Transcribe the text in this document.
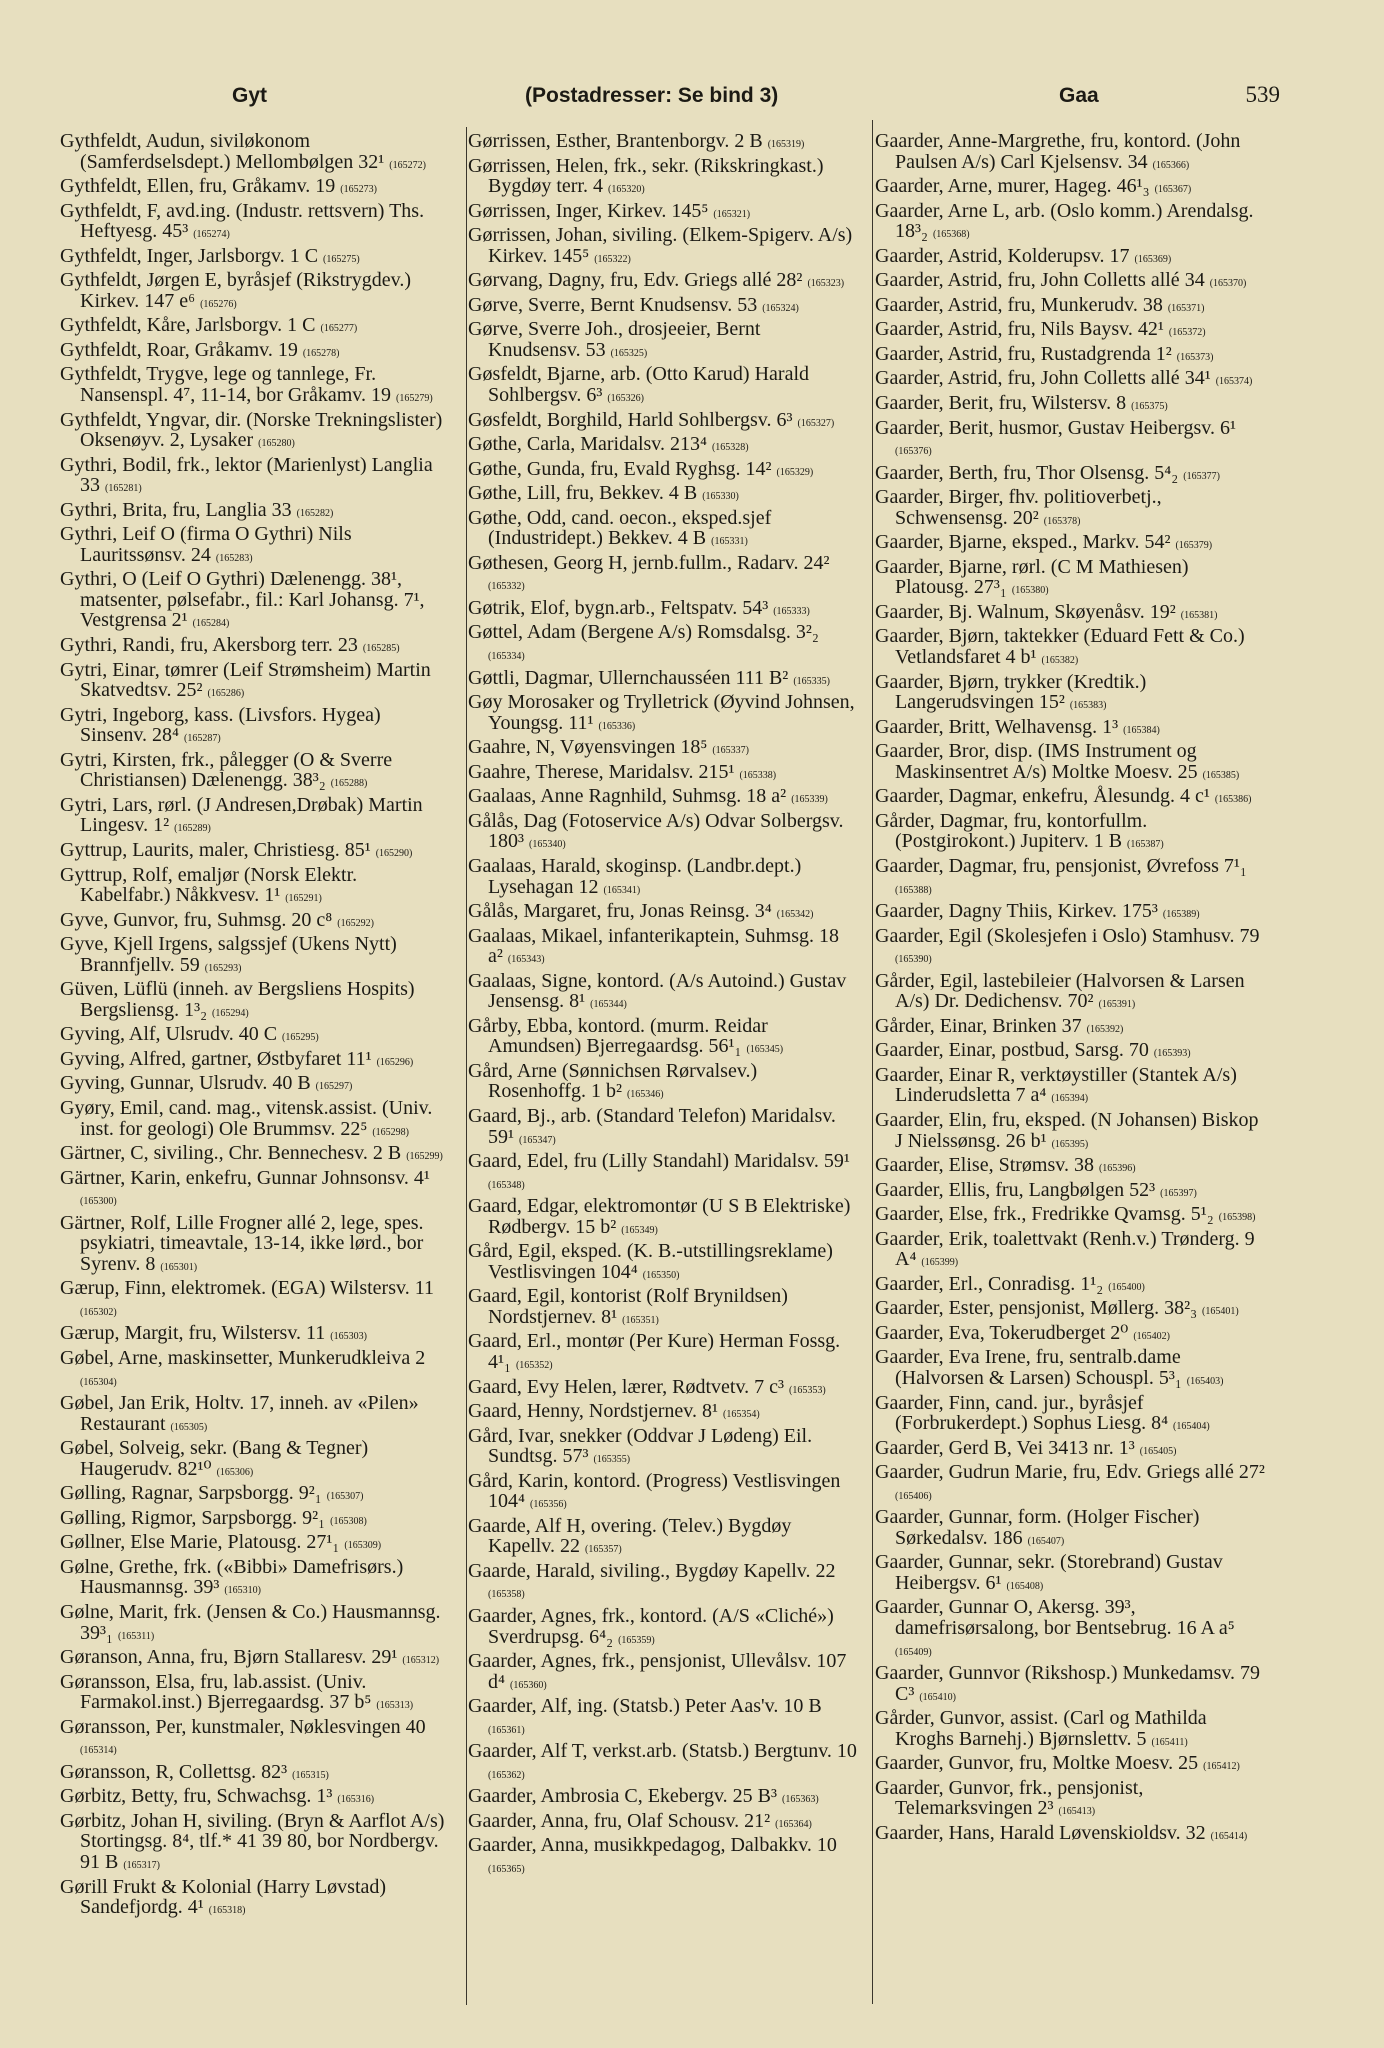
Gyt	(Postadresser: Se bind 3)	Gaa	539
Gythfeldt, Audun, siviløkonom (Samferdselsdept.) Mellombølgen 32¹ (165272)
Gythfeldt, Ellen, fru, Gråkamv. 19 (165273)
Gythfeldt, F, avd.ing. (Industr. rettsvern) Ths. Heftyesg. 45³ (165274)
Gythfeldt, Inger, Jarlsborgv. 1 C (165275)
Gythfeldt, Jørgen E, byråsjef (Rikstrygdev.) Kirkev. 147 e⁶ (165276)
Gythfeldt, Kåre, Jarlsborgv. 1 C (165277)
Gythfeldt, Roar, Gråkamv. 19 (165278)
Gythfeldt, Trygve, lege og tannlege, Fr. Nansenspl. 4⁷, 11-14, bor Gråkamv. 19 (165279)
Gythfeldt, Yngvar, dir. (Norske Trekningslister) Oksenøyv. 2, Lysaker (165280)
Gythri, Bodil, frk., lektor (Marienlyst) Langlia 33 (165281)
Gythri, Brita, fru, Langlia 33 (165282)
Gythri, Leif O (firma O Gythri) Nils Lauritssønsv. 24 (165283)
Gythri, O (Leif O Gythri) Dælenengg. 38¹, matsenter, pølsefabr., fil.: Karl Johansg. 7¹, Vestgrensa 2¹ (165284)
Gythri, Randi, fru, Akersborg terr. 23 (165285)
Gytri, Einar, tømrer (Leif Strømsheim) Martin Skatvedtsv. 25² (165286)
Gytri, Ingeborg, kass. (Livsfors. Hygea) Sinsenv. 28⁴ (165287)
Gytri, Kirsten, frk., pålegger (O & Sverre Christiansen) Dælenengg. 38³₂ (165288)
Gytri, Lars, rørl. (J Andresen,Drøbak) Martin Lingesv. 1² (165289)
Gyttrup, Laurits, maler, Christiesg. 85¹ (165290)
Gyttrup, Rolf, emaljør (Norsk Elektr. Kabelfabr.) Nåkkvesv. 1¹ (165291)
Gyve, Gunvor, fru, Suhmsg. 20 c⁸ (165292)
Gyve, Kjell Irgens, salgssjef (Ukens Nytt) Brannfjellv. 59 (165293)
Güven, Lüflü (inneh. av Bergsliens Hospits) Bergsliensg. 1³₂ (165294)
Gyving, Alf, Ulsrudv. 40 C (165295)
Gyving, Alfred, gartner, Østbyfaret 11¹ (165296)
Gyving, Gunnar, Ulsrudv. 40 B (165297)
Gyøry, Emil, cand. mag., vitensk.assist. (Univ. inst. for geologi) Ole Brummsv. 22⁵ (165298)
Gärtner, C, siviling., Chr. Bennechesv. 2 B (165299)
Gärtner, Karin, enkefru, Gunnar Johnsonsv. 4¹ (165300)
Gärtner, Rolf, Lille Frogner allé 2, lege, spes. psykiatri, timeavtale, 13-14, ikke lørd., bor Syrenv. 8 (165301)
Gærup, Finn, elektromek. (EGA) Wilstersv. 11 (165302)
Gærup, Margit, fru, Wilstersv. 11 (165303)
Gøbel, Arne, maskinsetter, Munkerudkleiva 2 (165304)
Gøbel, Jan Erik, Holtv. 17, inneh. av «Pilen» Restaurant (165305)
Gøbel, Solveig, sekr. (Bang & Tegner) Haugerudv. 82¹⁰ (165306)
Gølling, Ragnar, Sarpsborgg. 9²₁ (165307)
Gølling, Rigmor, Sarpsborgg. 9²₁ (165308)
Gøllner, Else Marie, Platousg. 27¹₁ (165309)
Gølne, Grethe, frk. («Bibbi» Damefrisørs.) Hausmannsg. 39³ (165310)
Gølne, Marit, frk. (Jensen & Co.) Hausmannsg. 39³₁ (165311)
Gøranson, Anna, fru, Bjørn Stallaresv. 29¹ (165312)
Gøransson, Elsa, fru, lab.assist. (Univ. Farmakol.inst.) Bjerregaardsg. 37 b⁵ (165313)
Gøransson, Per, kunstmaler, Nøklesvingen 40 (165314)
Gøransson, R, Collettsg. 82³ (165315)
Gørbitz, Betty, fru, Schwachsg. 1³ (165316)
Gørbitz, Johan H, siviling. (Bryn & Aarflot A/s) Stortingsg. 8⁴, tlf.* 41 39 80, bor Nordbergv. 91 B (165317)
Gørill Frukt & Kolonial (Harry Løvstad) Sandefjordg. 4¹ (165318)
Gørrissen, Esther, Brantenborgv. 2 B (165319)
Gørrissen, Helen, frk., sekr. (Rikskringkast.) Bygdøy terr. 4 (165320)
Gørrissen, Inger, Kirkev. 145⁵ (165321)
Gørrissen, Johan, siviling. (Elkem-Spigerv. A/s) Kirkev. 145⁵ (165322)
Gørvang, Dagny, fru, Edv. Griegs allé 28² (165323)
Gørve, Sverre, Bernt Knudsensv. 53 (165324)
Gørve, Sverre Joh., drosjeeier, Bernt Knudsensv. 53 (165325)
Gøsfeldt, Bjarne, arb. (Otto Karud) Harald Sohlbergsv. 6³ (165326)
Gøsfeldt, Borghild, Harld Sohlbergsv. 6³ (165327)
Gøthe, Carla, Maridalsv. 213⁴ (165328)
Gøthe, Gunda, fru, Evald Ryghsg. 14² (165329)
Gøthe, Lill, fru, Bekkev. 4 B (165330)
Gøthe, Odd, cand. oecon., eksped.sjef (Industridept.) Bekkev. 4 B (165331)
Gøthesen, Georg H, jernb.fullm., Radarv. 24² (165332)
Gøtrik, Elof, bygn.arb., Feltspatv. 54³ (165333)
Gøttel, Adam (Bergene A/s) Romsdalsg. 3²₂ (165334)
Gøttli, Dagmar, Ullernchausséen 111 B² (165335)
Gøy Morosaker og Trylletrick (Øyvind Johnsen, Youngsg. 11¹ (165336)
Gaahre, N, Vøyensvingen 18⁵ (165337)
Gaahre, Therese, Maridalsv. 215¹ (165338)
Gaalaas, Anne Ragnhild, Suhmsg. 18 a² (165339)
Gålås, Dag (Fotoservice A/s) Odvar Solbergsv. 180³ (165340)
Gaalaas, Harald, skoginsp. (Landbr.dept.) Lysehagan 12 (165341)
Gålås, Margaret, fru, Jonas Reinsg. 3⁴ (165342)
Gaalaas, Mikael, infanterikaptein, Suhmsg. 18 a² (165343)
Gaalaas, Signe, kontord. (A/s Autoind.) Gustav Jensensg. 8¹ (165344)
Gårby, Ebba, kontord. (murm. Reidar Amundsen) Bjerregaardsg. 56¹₁ (165345)
Gård, Arne (Sønnichsen Rørvalsev.) Rosenhoffg. 1 b² (165346)
Gaard, Bj., arb. (Standard Telefon) Maridalsv. 59¹ (165347)
Gaard, Edel, fru (Lilly Standahl) Maridalsv. 59¹ (165348)
Gaard, Edgar, elektromontør (U S B Elektriske) Rødbergv. 15 b² (165349)
Gård, Egil, eksped. (K. B.-utstillingsreklame) Vestlisvingen 104⁴ (165350)
Gaard, Egil, kontorist (Rolf Brynildsen) Nordstjernev. 8¹ (165351)
Gaard, Erl., montør (Per Kure) Herman Fossg. 4¹₁ (165352)
Gaard, Evy Helen, lærer, Rødtvetv. 7 c³ (165353)
Gaard, Henny, Nordstjernev. 8¹ (165354)
Gård, Ivar, snekker (Oddvar J Lødeng) Eil. Sundtsg. 57³ (165355)
Gård, Karin, kontord. (Progress) Vestlisvingen 104⁴ (165356)
Gaarde, Alf H, overing. (Telev.) Bygdøy Kapellv. 22 (165357)
Gaarde, Harald, siviling., Bygdøy Kapellv. 22 (165358)
Gaarder, Agnes, frk., kontord. (A/S «Cliché») Sverdrupsg. 6⁴₂ (165359)
Gaarder, Agnes, frk., pensjonist, Ullevålsv. 107 d⁴ (165360)
Gaarder, Alf, ing. (Statsb.) Peter Aas'v. 10 B (165361)
Gaarder, Alf T, verkst.arb. (Statsb.) Bergtunv. 10 (165362)
Gaarder, Ambrosia C, Ekebergv. 25 B³ (165363)
Gaarder, Anna, fru, Olaf Schousv. 21² (165364)
Gaarder, Anna, musikkpedagog, Dalbakkv. 10 (165365)
Gaarder, Anne-Margrethe, fru, kontord. (John Paulsen A/s) Carl Kjelsensv. 34 (165366)
Gaarder, Arne, murer, Hageg. 46¹₃ (165367)
Gaarder, Arne L, arb. (Oslo komm.) Arendalsg. 18³₂ (165368)
Gaarder, Astrid, Kolderupsv. 17 (165369)
Gaarder, Astrid, fru, John Colletts allé 34 (165370)
Gaarder, Astrid, fru, Munkerudv. 38 (165371)
Gaarder, Astrid, fru, Nils Baysv. 42¹ (165372)
Gaarder, Astrid, fru, Rustadgrenda 1² (165373)
Gaarder, Astrid, fru, John Colletts allé 34¹ (165374)
Gaarder, Berit, fru, Wilstersv. 8 (165375)
Gaarder, Berit, husmor, Gustav Heibergsv. 6¹ (165376)
Gaarder, Berth, fru, Thor Olsensg. 5⁴₂ (165377)
Gaarder, Birger, fhv. politioverbetj., Schwensensg. 20² (165378)
Gaarder, Bjarne, eksped., Markv. 54² (165379)
Gaarder, Bjarne, rørl. (C M Mathiesen) Platousg. 27³₁ (165380)
Gaarder, Bj. Walnum, Skøyenåsv. 19² (165381)
Gaarder, Bjørn, taktekker (Eduard Fett & Co.) Vetlandsfaret 4 b¹ (165382)
Gaarder, Bjørn, trykker (Kredtik.) Langerudsvingen 15² (165383)
Gaarder, Britt, Welhavensg. 1³ (165384)
Gaarder, Bror, disp. (IMS Instrument og Maskinsentret A/s) Moltke Moesv. 25 (165385)
Gaarder, Dagmar, enkefru, Ålesundg. 4 c¹ (165386)
Gårder, Dagmar, fru, kontorfullm. (Postgirokont.) Jupiterv. 1 B (165387)
Gaarder, Dagmar, fru, pensjonist, Øvrefoss 7¹₁ (165388)
Gaarder, Dagny Thiis, Kirkev. 175³ (165389)
Gaarder, Egil (Skolesjefen i Oslo) Stamhusv. 79 (165390)
Gårder, Egil, lastebileier (Halvorsen & Larsen A/s) Dr. Dedichensv. 70² (165391)
Gårder, Einar, Brinken 37 (165392)
Gaarder, Einar, postbud, Sarsg. 70 (165393)
Gaarder, Einar R, verktøystiller (Stantek A/s) Linderudsletta 7 a⁴ (165394)
Gaarder, Elin, fru, eksped. (N Johansen) Biskop J Nielssønsg. 26 b¹ (165395)
Gaarder, Elise, Strømsv. 38 (165396)
Gaarder, Ellis, fru, Langbølgen 52³ (165397)
Gaarder, Else, frk., Fredrikke Qvamsg. 5¹₂ (165398)
Gaarder, Erik, toalettvakt (Renh.v.) Trønderg. 9 A⁴ (165399)
Gaarder, Erl., Conradisg. 1¹₂ (165400)
Gaarder, Ester, pensjonist, Møllerg. 38²₃ (165401)
Gaarder, Eva, Tokerudberget 2⁰ (165402)
Gaarder, Eva Irene, fru, sentralb.dame (Halvorsen & Larsen) Schouspl. 5³₁ (165403)
Gaarder, Finn, cand. jur., byråsjef (Forbrukerdept.) Sophus Liesg. 8⁴ (165404)
Gaarder, Gerd B, Vei 3413 nr. 1³ (165405)
Gaarder, Gudrun Marie, fru, Edv. Griegs allé 27² (165406)
Gaarder, Gunnar, form. (Holger Fischer) Sørkedalsv. 186 (165407)
Gaarder, Gunnar, sekr. (Storebrand) Gustav Heibergsv. 6¹ (165408)
Gaarder, Gunnar O, Akersg. 39³, damefrisørsalong, bor Bentsebrug. 16 A a⁵ (165409)
Gaarder, Gunnvor (Rikshosp.) Munkedamsv. 79 C³ (165410)
Gårder, Gunvor, assist. (Carl og Mathilda Kroghs Barnehj.) Bjørnslettv. 5 (165411)
Gaarder, Gunvor, fru, Moltke Moesv. 25 (165412)
Gaarder, Gunvor, frk., pensjonist, Telemarksvingen 2³ (165413)
Gaarder, Hans, Harald Løvenskioldsv. 32 (165414)
